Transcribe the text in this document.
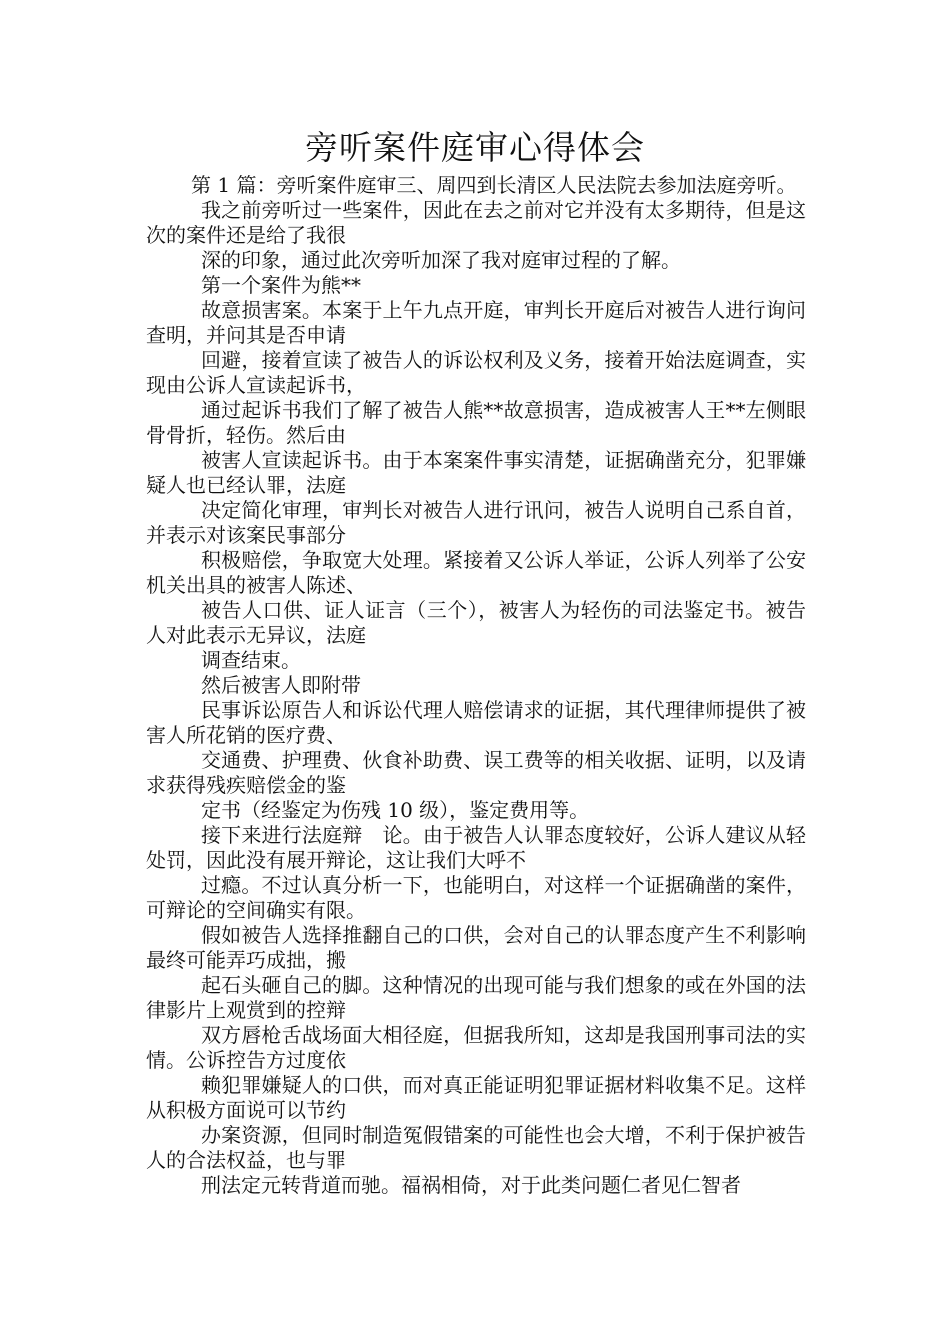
旁听案件庭审心得体会

第 1 篇：旁听案件庭审三、周四到长清区人民法院去参加法庭旁听。

我之前旁听过一些案件，因此在去之前对它并没有太多期待，但是这次的案件还是给了我很

深的印象，通过此次旁听加深了我对庭审过程的了解。

第一个案件为熊**

故意损害案。本案于上午九点开庭，审判长开庭后对被告人进行询问查明，并问其是否申请

回避，接着宣读了被告人的诉讼权利及义务，接着开始法庭调查，实现由公诉人宣读起诉书，

通过起诉书我们了解了被告人熊**故意损害，造成被害人王**左侧眼骨骨折，轻伤。然后由

被害人宣读起诉书。由于本案案件事实清楚，证据确凿充分，犯罪嫌疑人也已经认罪，法庭

决定简化审理，审判长对被告人进行讯问，被告人说明自己系自首，并表示对该案民事部分

积极赔偿，争取宽大处理。紧接着又公诉人举证，公诉人列举了公安机关出具的被害人陈述、

被告人口供、证人证言（三个），被害人为轻伤的司法鉴定书。被告人对此表示无异议，法庭

调查结束。

然后被害人即附带

民事诉讼原告人和诉讼代理人赔偿请求的证据，其代理律师提供了被害人所花销的医疗费、

交通费、护理费、伙食补助费、误工费等的相关收据、证明，以及请求获得残疾赔偿金的鉴

定书（经鉴定为伤残 10 级），鉴定费用等。

接下来进行法庭辩　论。由于被告人认罪态度较好，公诉人建议从轻处罚，因此没有展开辩论，这让我们大呼不

过瘾。不过认真分析一下，也能明白，对这样一个证据确凿的案件，可辩论的空间确实有限。

假如被告人选择推翻自己的口供，会对自己的认罪态度产生不利影响最终可能弄巧成拙，搬

起石头砸自己的脚。这种情况的出现可能与我们想象的或在外国的法律影片上观赏到的控辩

双方唇枪舌战场面大相径庭，但据我所知，这却是我国刑事司法的实情。公诉控告方过度依

赖犯罪嫌疑人的口供，而对真正能证明犯罪证据材料收集不足。这样从积极方面说可以节约

办案资源，但同时制造冤假错案的可能性也会大增，不利于保护被告人的合法权益，也与罪

刑法定元转背道而驰。福祸相倚，对于此类问题仁者见仁智者
